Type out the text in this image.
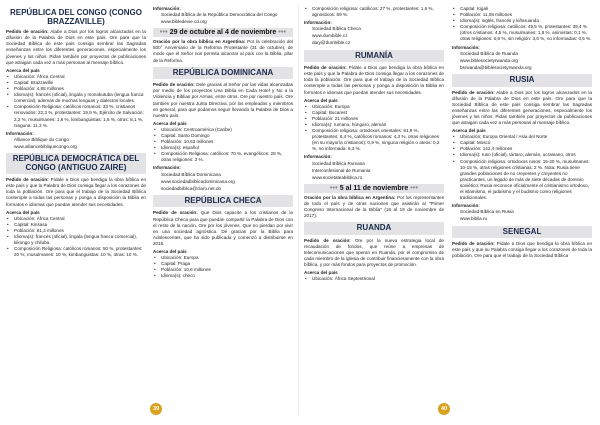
REPÚBLICA DEL CONGO (CONGO BRAZZAVILLE)

Pedido de oración: Alabe a Dios por los logros alcanzados en la difusión de la Palabra de Dios en este país. Ore para que la Sociedad Bíblica de este país consiga sembrar las Sagradas enseñanzas entre los diferentes generaciones, especialmente los jóvenes y los niños. Pidan también por proyectos de publicaciones que atraigan cada vez a más personas al mensaje bíblico.

Acerca del país
• Ubicación: África Central
• Capital: Brazzaville
• Población: 4,85 millones
• Idioma(s): francés (oficial), lingala y monokutuba (lengua franca comercial), además de muchas lenguas y dialectos locales.
• Composición Religiosa: católicos romanos: 33 %, cristianos renovados: 22,3 %, protestantes: 19,9 %, Ejército de Salvación: 2,2 %, musulmanes: 1,6 %, kimbanguistas: 1,5 %, otras: 8,1 %, ninguna: 11,3 %.
Información:
Alliance Biblique du Congo
www.alliancebibliquecongo.org
REPÚBLICA DEMOCRÁTICA DEL CONGO (ANTIGUO ZAIRE)

Pedido de oración: Pídale a Dios que bendiga la obra bíblica en este país y que la Palabra de Dios consiga llegar a los corazones de toda la población. Ore para que el trabajo de la Sociedad Bíblica contemple a todas las personas y ponga a disposición la Biblia en formatos e idiomas que puedan atender sus necesidades.

Acerca del país
• Ubicación: África Central
• Capital: Kinsasa
• Población: 81,3 millones
• Idioma(s): francés (oficial), lingala (lengua franca comercial), kikongo y chiluba.
• Composición Religiosa: católicos romanos: 50 %, protestantes: 20 %, musulmanes: 10 %, kimbanguistas: 10 %, otras: 10 %.
Información:
Sociedad Bíblica de la República Democrática del Congo
www.bibledevie.cd.org
••• 29 de octubre al 4 de noviembre •••

Oración por la obra bíblica en Argentina: Por la celebración del 500° Aniversario de la Reforma Protestante (31 de octubre), de modo que el Señor nos permita alcanzar al país con la Biblia, pilar de la Reforma.

REPÚBLICA DOMINICANA

Pedido de oración: Dele gracias al Señor por las vidas alcanzadas por medio de los proyectos Una Biblia en Cada Hotel y No a la Violencia y Biblias por Armas, entre otros. Ore por nuestro país. Ore también por nuestra Junta Directiva, por los empleados y miembros en general, para que podamos seguir llevando la Palabra de Dios a nuestro país.

Acerca del país
• Ubicación: Centroamérica (Caribe)
• Capital: Santo Domingo
• Población: 10,53 millones
• Idioma(s): español
• Composición Religiosa: católicos: 70 %, evangélicos: 28 %, otras religiones: 2 %.
Información:
Sociedad Bíblica Dominicana
www.sociedadbiblicadominicana.org
sociedadbiblica@claro.net.do
REPÚBLICA CHECA

Pedido de oración: Que Dios capacite a los cristianos de la República Checa para que puedan compartir la Palabra de Dios con el resto de la nación. Ore por los jóvenes. Que no pierdan por vivir en una sociedad agnóstica. Dé gracias por la Biblia para Adolescentes, que ha sido publicada y comenzó a distribuirse en 2016.

Acerca del país
• Ubicación: Europa
• Capital: Praga
• Población: 10,6 millones
• Idioma(s): checo
• Composición religiosa: católicos: 27 %, protestantes: 1,6 %, agnósticos: 59 %.
Información:
Sociedad Bíblica Checa
www.dumbible.cz
dary@dumbible.cz
RUMANÍA

Pedido de oración: Pídale a Dios que bendiga la obra bíblica en este país y que la Palabra de Dios consiga llegar a los corazones de toda la población. Ore para que el trabajo de la Sociedad Bíblica contemple a todas las personas y ponga a disposición la Biblia en formatos e idiomas que puedan atender sus necesidades.

Acerca del país
• Ubicación: Europa
• Capital: Bucarest
• Población: 21 millones
• Idioma(s): rumano, húngaro, alemán
• Composición religiosa: ortodoxos orientales: 81,9 %, protestantes: 6,4 %, católicos romanos: 4,3 %, otras religiones (en su mayoría cristianos): 0,9 %, ninguna religión o ateos: 0,2 %, no informada: 6,3 %.
Información:
Sociedad Bíblica Rumana
Interconfesional de Rumania
www.societateabiblica.ro
••• 5 al 11 de noviembre •••

Oración por la obra bíblica en Argentina: Por los representantes de todo el país y de otras naciones que asistirán al "Primer Congreso Internacional de la Biblia" (16 al 19 de noviembre de 2017).

RUANDA

Pedido de oración: Ore por la nueva estrategia local de recaudación de fondos, que reúne a empresas de telecomunicaciones que operan en Ruanda, por el compromiso de cada miembro de la iglesia de contribuir financieramente con la obra bíblica, y por más fondos para proyectos de promoción.

Acerca del país
• Ubicación: África Septentrional
• Capital: Kigali
• Población: 11,08 millones
• Idioma(s): inglés, francés y kiñaruanda
• Composición religiosa: católicos: 49,5 %, protestantes: 39,4 % (otros cristianos: 4,5 %, musulmanes: 1,8 %, animistas: 0,1 %, otras religiones: 0,6 %, sin religión: 3,6 %, no informadas: 0,5 %.
Información:
Sociedad Bíblica de Ruanda
www.biblesocietyrwanda.org
bsrwanda@biblesocietyrwanda.org
RUSIA

Pedido de oración: Alabe a Dios por los logros alcanzados en la difusión de la Palabra de Dios en este país. Ore para que la Sociedad Bíblica de este país consiga sembrar las Sagradas enseñanzas entre las diferentes generaciones, especialmente los jóvenes y los niños. Pidan también por proyectos de publicaciones que atraigan cada vez a más personas al mensaje bíblico.

Acerca del país
• Ubicación: Europa Oriental / Asia del Norte
• Capital: Moscú
• Población: 142,4 millones
• Idioma(s): ruso (oficial), tártaro, alemán, ucraniano, otros
• Composición religiosa: ortodoxos rusos: 15-20 %, musulmanes: 10-15 %, otras religiones cristianas: 2 %. Nota: Rusia tiene grandes poblaciones de no creyentes y creyentes no practicantes, un legado de más de siete décadas de dominio soviético; Rusia reconoce oficialmente el cristianismo ortodoxo, el islamismo, el judaísmo y el budismo como religiones tradicionales.
Información:
Sociedad Bíblica en Rusia
www.biblia.ru
SENEGAL

Pedido de oración: Pídale a Dios que bendiga la obra bíblica en este país y que su Palabra consiga llegar a los corazones de toda la población. Ore para que el trabajo de la Sociedad Bíblica

39	40
